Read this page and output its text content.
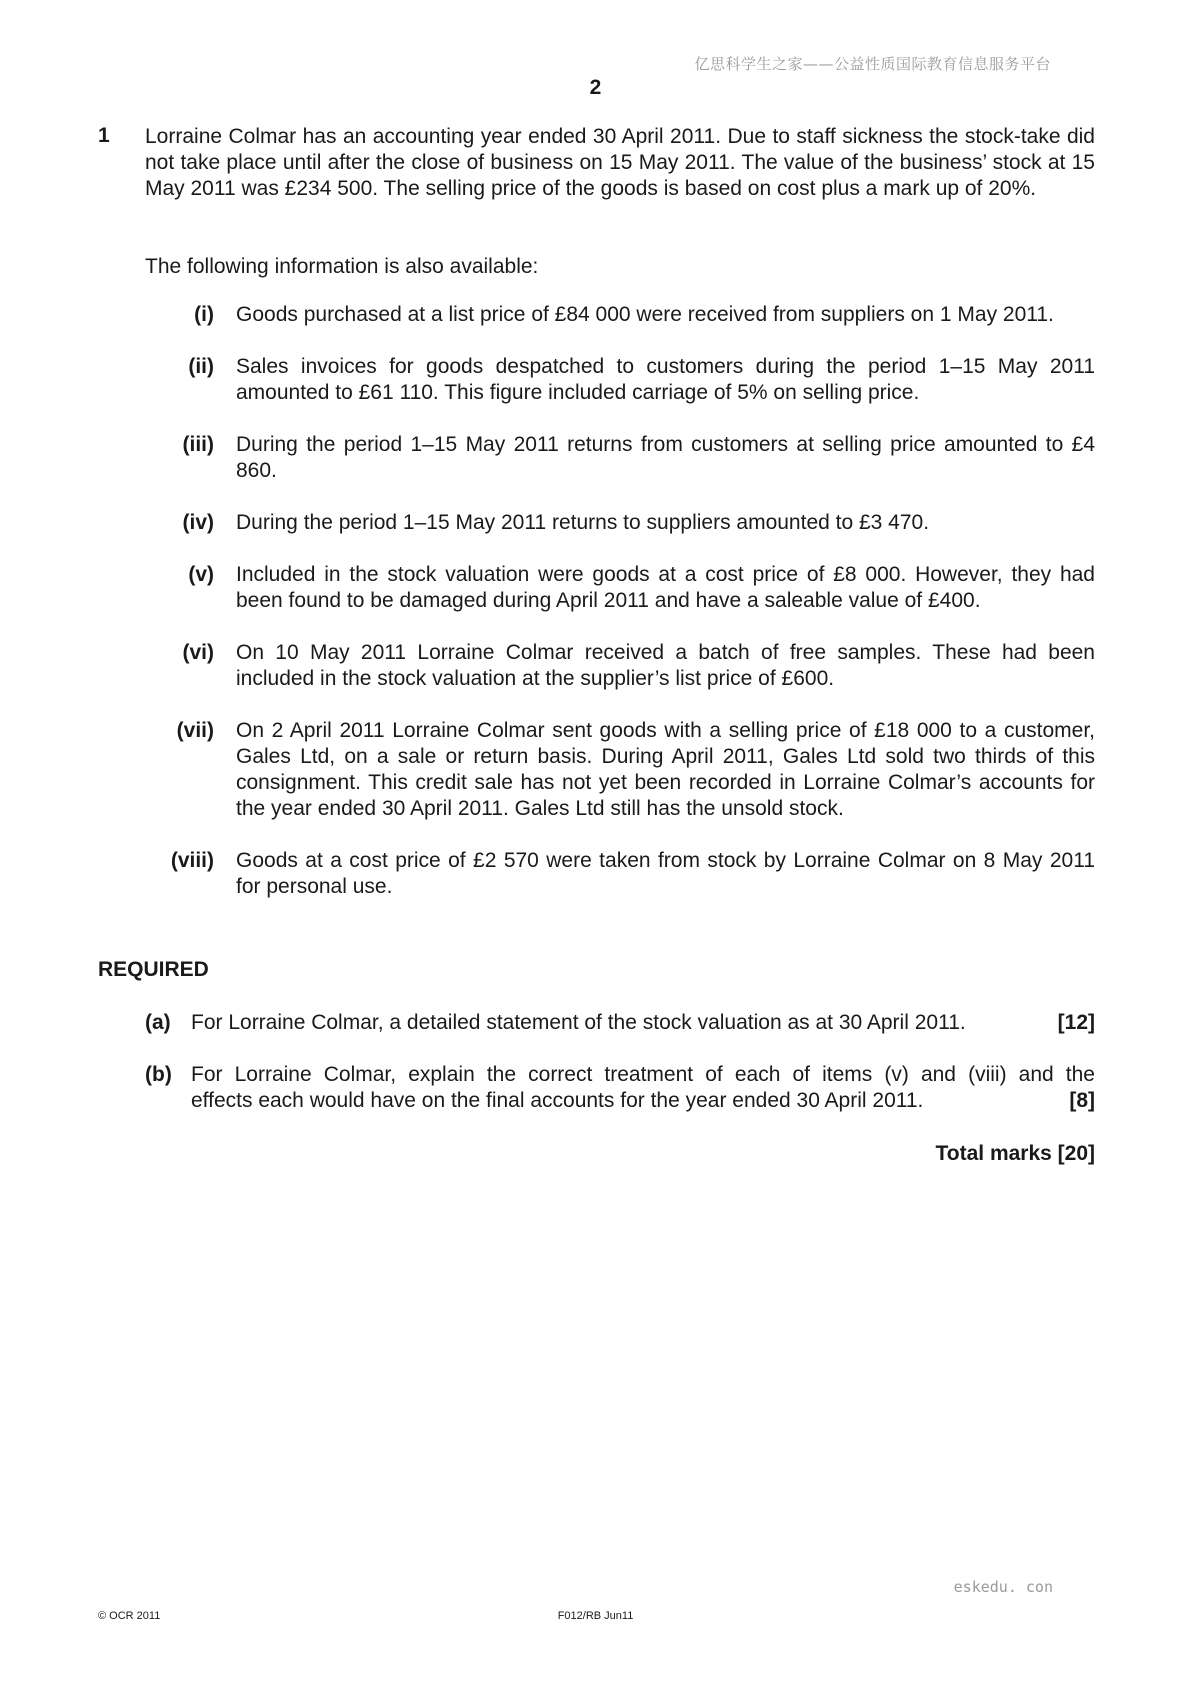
亿思科学生之家——公益性质国际教育信息服务平台
2
1 Lorraine Colmar has an accounting year ended 30 April 2011. Due to staff sickness the stock-take did not take place until after the close of business on 15 May 2011. The value of the business’ stock at 15 May 2011 was £234 500. The selling price of the goods is based on cost plus a mark up of 20%.
The following information is also available:
(i) Goods purchased at a list price of £84 000 were received from suppliers on 1 May 2011.
(ii) Sales invoices for goods despatched to customers during the period 1–15 May 2011 amounted to £61 110. This figure included carriage of 5% on selling price.
(iii) During the period 1–15 May 2011 returns from customers at selling price amounted to £4 860.
(iv) During the period 1–15 May 2011 returns to suppliers amounted to £3 470.
(v) Included in the stock valuation were goods at a cost price of £8 000. However, they had been found to be damaged during April 2011 and have a saleable value of £400.
(vi) On 10 May 2011 Lorraine Colmar received a batch of free samples. These had been included in the stock valuation at the supplier’s list price of £600.
(vii) On 2 April 2011 Lorraine Colmar sent goods with a selling price of £18 000 to a customer, Gales Ltd, on a sale or return basis. During April 2011, Gales Ltd sold two thirds of this consignment. This credit sale has not yet been recorded in Lorraine Colmar’s accounts for the year ended 30 April 2011. Gales Ltd still has the unsold stock.
(viii) Goods at a cost price of £2 570 were taken from stock by Lorraine Colmar on 8 May 2011 for personal use.
REQUIRED
(a) For Lorraine Colmar, a detailed statement of the stock valuation as at 30 April 2011.	[12]
(b) For Lorraine Colmar, explain the correct treatment of each of items (v) and (viii) and the
effects each would have on the final accounts for the year ended 30 April 2011.	[8]
Total marks [20]
eskedu. con
© OCR 2011	F012/RB Jun11
